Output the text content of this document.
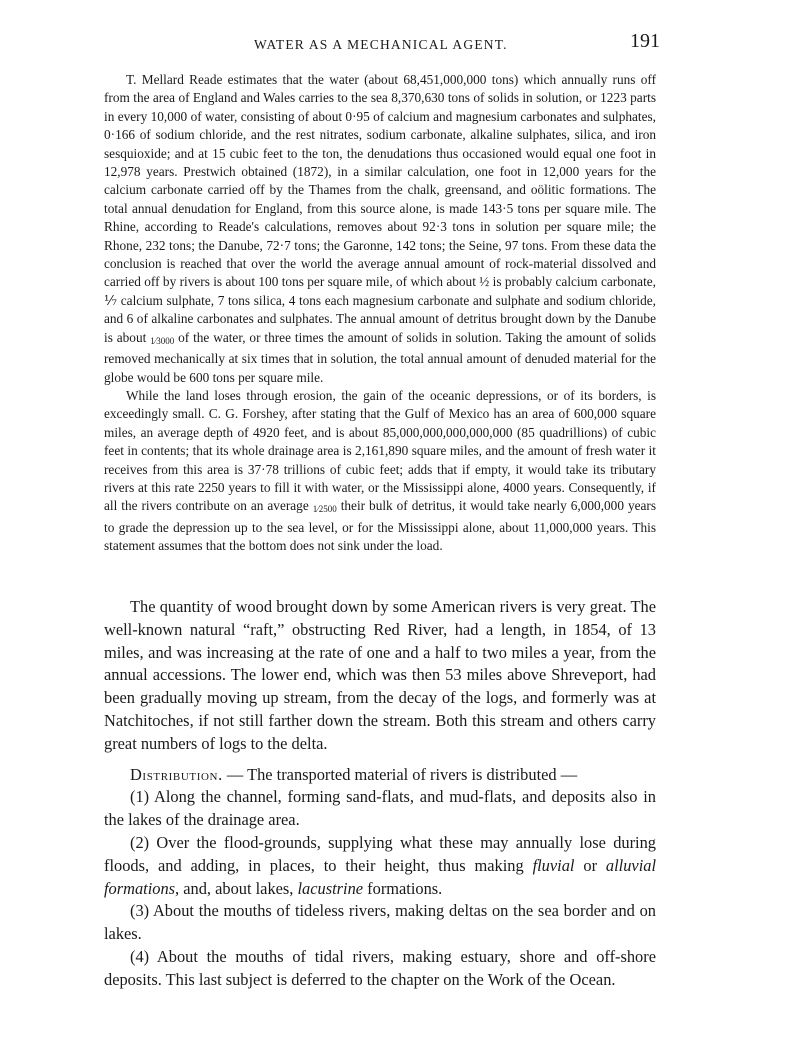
WATER AS A MECHANICAL AGENT.	191

T. Mellard Reade estimates that the water (about 68,451,000,000 tons) which annually runs off from the area of England and Wales carries to the sea 8,370,630 tons of solids in solution, or 1223 parts in every 10,000 of water, consisting of about 0·95 of calcium and magnesium carbonates and sulphates, 0·166 of sodium chloride, and the rest nitrates, sodium carbonate, alkaline sulphates, silica, and iron sesquioxide; and at 15 cubic feet to the ton, the denudations thus occasioned would equal one foot in 12,978 years. Prestwich obtained (1872), in a similar calculation, one foot in 12,000 years for the calcium carbonate carried off by the Thames from the chalk, greensand, and oölitic formations. The total annual denudation for England, from this source alone, is made 143·5 tons per square mile. The Rhine, according to Reade's calculations, removes about 92·3 tons in solution per square mile; the Rhone, 232 tons; the Danube, 72·7 tons; the Garonne, 142 tons; the Seine, 97 tons. From these data the conclusion is reached that over the world the average annual amount of rock-material dissolved and carried off by rivers is about 100 tons per square mile, of which about ½ is probably calcium carbonate, ⅐ calcium sulphate, 7 tons silica, 4 tons each magnesium carbonate and sulphate and sodium chloride, and 6 of alkaline carbonates and sulphates. The annual amount of detritus brought down by the Danube is about 1⁄3000 of the water, or three times the amount of solids in solution. Taking the amount of solids removed mechanically at six times that in solution, the total annual amount of denuded material for the globe would be 600 tons per square mile.

While the land loses through erosion, the gain of the oceanic depressions, or of its borders, is exceedingly small. C. G. Forshey, after stating that the Gulf of Mexico has an area of 600,000 square miles, an average depth of 4920 feet, and is about 85,000,000,000,000,000 (85 quadrillions) of cubic feet in contents; that its whole drainage area is 2,161,890 square miles, and the amount of fresh water it receives from this area is 37·78 trillions of cubic feet; adds that if empty, it would take its tributary rivers at this rate 2250 years to fill it with water, or the Mississippi alone, 4000 years. Consequently, if all the rivers contribute on an average 1⁄2500 their bulk of detritus, it would take nearly 6,000,000 years to grade the depression up to the sea level, or for the Mississippi alone, about 11,000,000 years. This statement assumes that the bottom does not sink under the load.

The quantity of wood brought down by some American rivers is very great. The well-known natural “raft,” obstructing Red River, had a length, in 1854, of 13 miles, and was increasing at the rate of one and a half to two miles a year, from the annual accessions. The lower end, which was then 53 miles above Shreveport, had been gradually moving up stream, from the decay of the logs, and formerly was at Natchitoches, if not still farther down the stream. Both this stream and others carry great numbers of logs to the delta.

Distribution. — The transported material of rivers is distributed —

(1) Along the channel, forming sand-flats, and mud-flats, and deposits also in the lakes of the drainage area.

(2) Over the flood-grounds, supplying what these may annually lose during floods, and adding, in places, to their height, thus making fluvial or alluvial formations, and, about lakes, lacustrine formations.

(3) About the mouths of tideless rivers, making deltas on the sea border and on lakes.

(4) About the mouths of tidal rivers, making estuary, shore and off-shore deposits. This last subject is deferred to the chapter on the Work of the Ocean.
